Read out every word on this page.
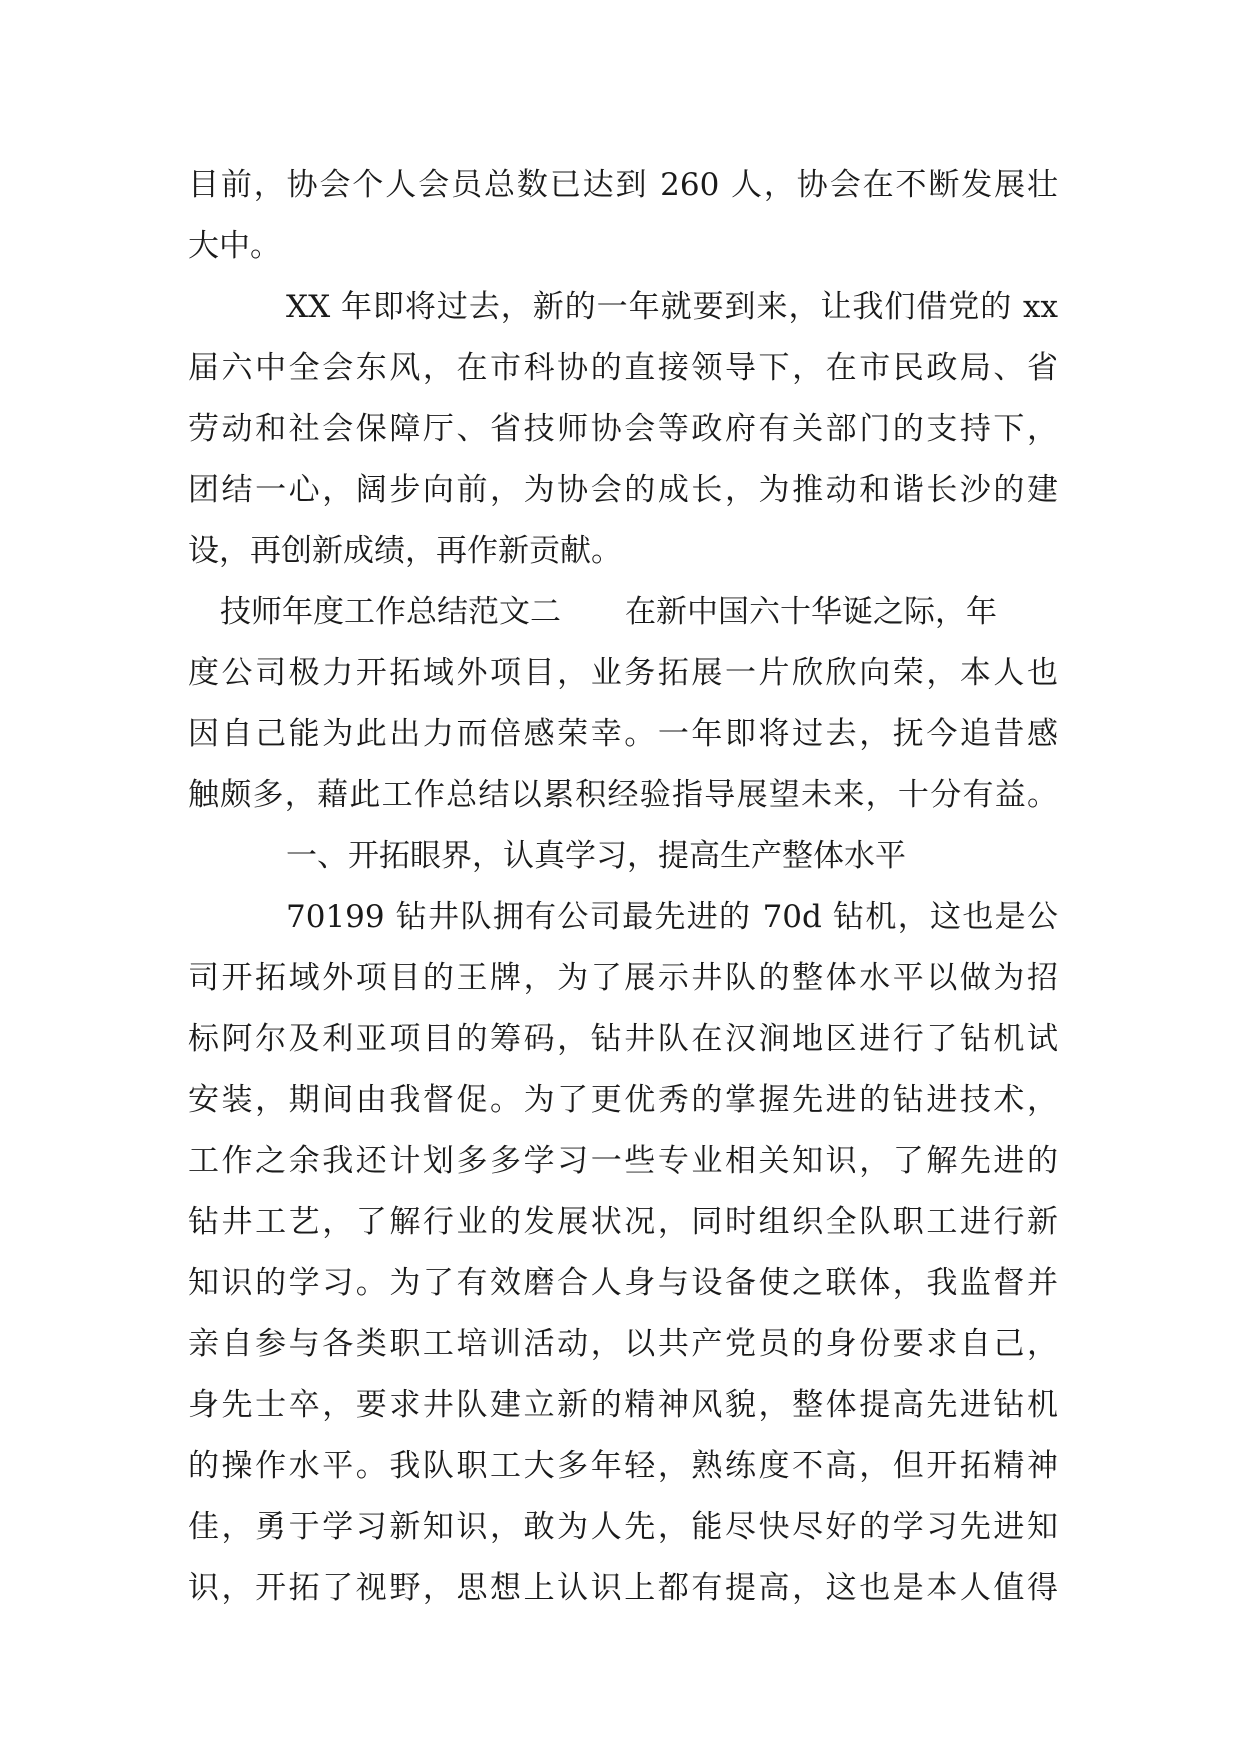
目前，协会个人会员总数已达到 260 人，协会在不断发展壮
大中。
XX 年即将过去，新的一年就要到来，让我们借党的 xx
届六中全会东风，在市科协的直接领导下，在市民政局、省
劳动和社会保障厅、省技师协会等政府有关部门的支持下，
团结一心，阔步向前，为协会的成长，为推动和谐长沙的建
设，再创新成绩，再作新贡献。
技师年度工作总结范文二 在新中国六十华诞之际，年
度公司极力开拓域外项目，业务拓展一片欣欣向荣，本人也
因自己能为此出力而倍感荣幸。一年即将过去，抚今追昔感
触颇多，藉此工作总结以累积经验指导展望未来，十分有益。
一、开拓眼界，认真学习，提高生产整体水平
70199 钻井队拥有公司最先进的 70d 钻机，这也是公
司开拓域外项目的王牌，为了展示井队的整体水平以做为招
标阿尔及利亚项目的筹码，钻井队在汉涧地区进行了钻机试
安装，期间由我督促。为了更优秀的掌握先进的钻进技术，
工作之余我还计划多多学习一些专业相关知识，了解先进的
钻井工艺，了解行业的发展状况，同时组织全队职工进行新
知识的学习。为了有效磨合人身与设备使之联体，我监督并
亲自参与各类职工培训活动，以共产党员的身份要求自己，
身先士卒，要求井队建立新的精神风貌，整体提高先进钻机
的操作水平。我队职工大多年轻，熟练度不高，但开拓精神
佳，勇于学习新知识，敢为人先，能尽快尽好的学习先进知
识，开拓了视野，思想上认识上都有提高，这也是本人值得
